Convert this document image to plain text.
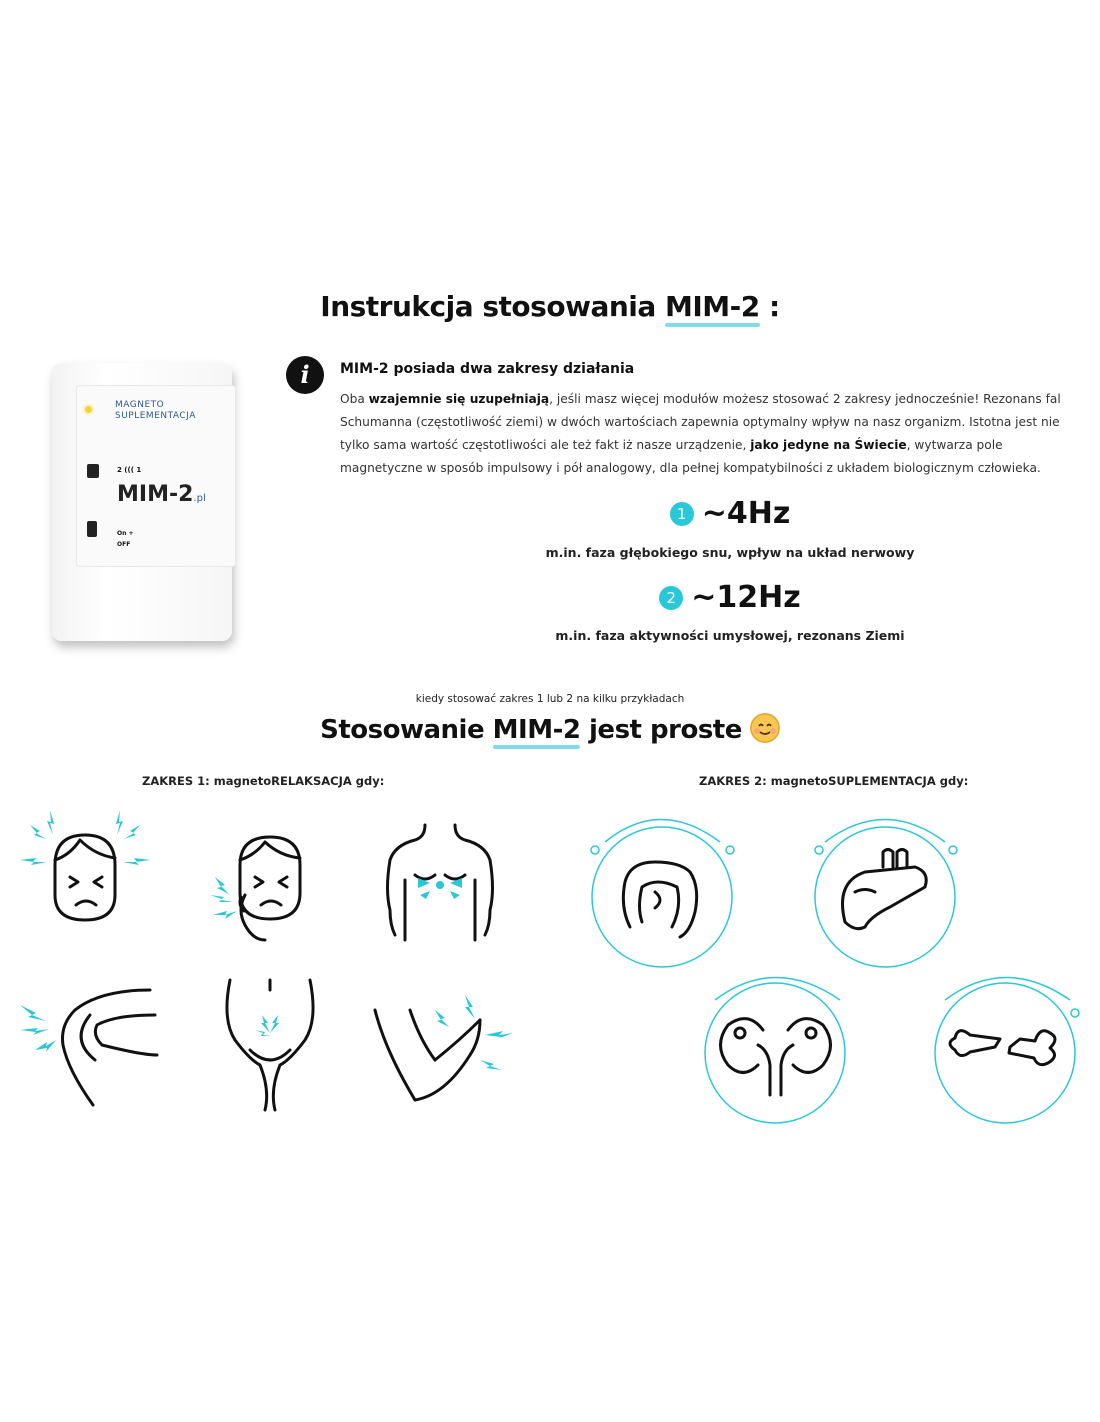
Instrukcja stosowania MIM-2 :
MAGNETO
SUPLEMENTACJA
2 ((( 1
MIM-2.pl
On +
OFF
i	MIM-2 posiada dwa zakresy działania
Oba wzajemnie się uzupełniają, jeśli masz więcej modułów możesz stosować 2 zakresy jednocześnie! Rezonans fal Schumanna (częstotliwość ziemi) w dwóch wartościach zapewnia optymalny wpływ na nasz organizm. Istotna jest nie tylko sama wartość częstotliwości ale też fakt iż nasze urządzenie, jako jedyne na Świecie, wytwarza pole magnetyczne w sposób impulsowy i pół analogowy, dla pełnej kompatybilności z układem biologicznym człowieka.
1 ~4Hz
m.in. faza głębokiego snu, wpływ na układ nerwowy
2 ~12Hz
m.in. faza aktywności umysłowej, rezonans Ziemi
kiedy stosować zakres 1 lub 2 na kilku przykładach
Stosowanie MIM-2 jest proste
ZAKRES 1: magnetoRELAKSACJA gdy:	ZAKRES 2: magnetoSUPLEMENTACJA gdy:
